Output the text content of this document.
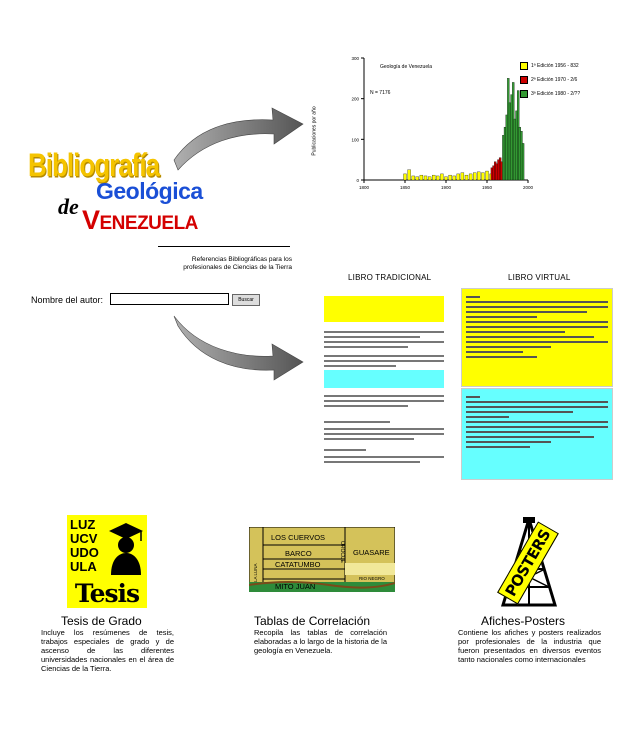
Bibliografía
Geológica
de Venezuela
Referencias Bibliográficas para los
profesionales de Ciencias de la Tierra
Nombre del autor:	Buscar
0
100
200
300
1800	1850	1900	1950	2000
Geología de Venezuela
N = 7176
Publicaciones por año
1ª Edición 1956 - 832
2ª Edición 1970 - 2/6
3ª Edición 1980 - 2/??
LIBRO TRADICIONAL	LIBRO VIRTUAL

LUZ
UCV
UDO
ULA
Tesis
Tesis de Grado
Incluye los resúmenes de tesis, trabajos especiales de grado y de ascenso de las diferentes universidades nacionales en el área de Ciencias de la Tierra.
LOS CUERVOS
BARCO
CATATUMBO
MITO JUAN
GUASARE
OROCUE
RIO NEGRO
LA LUNA
Tablas de Correlación
Recopila las tablas de correlación elaboradas a lo largo de la historia de la geología en Venezuela.
POSTERS
Afiches-Posters
Contiene los afiches y posters realizados por profesionales de la industria que fueron presentados en diversos eventos tanto nacionales como internacionales
